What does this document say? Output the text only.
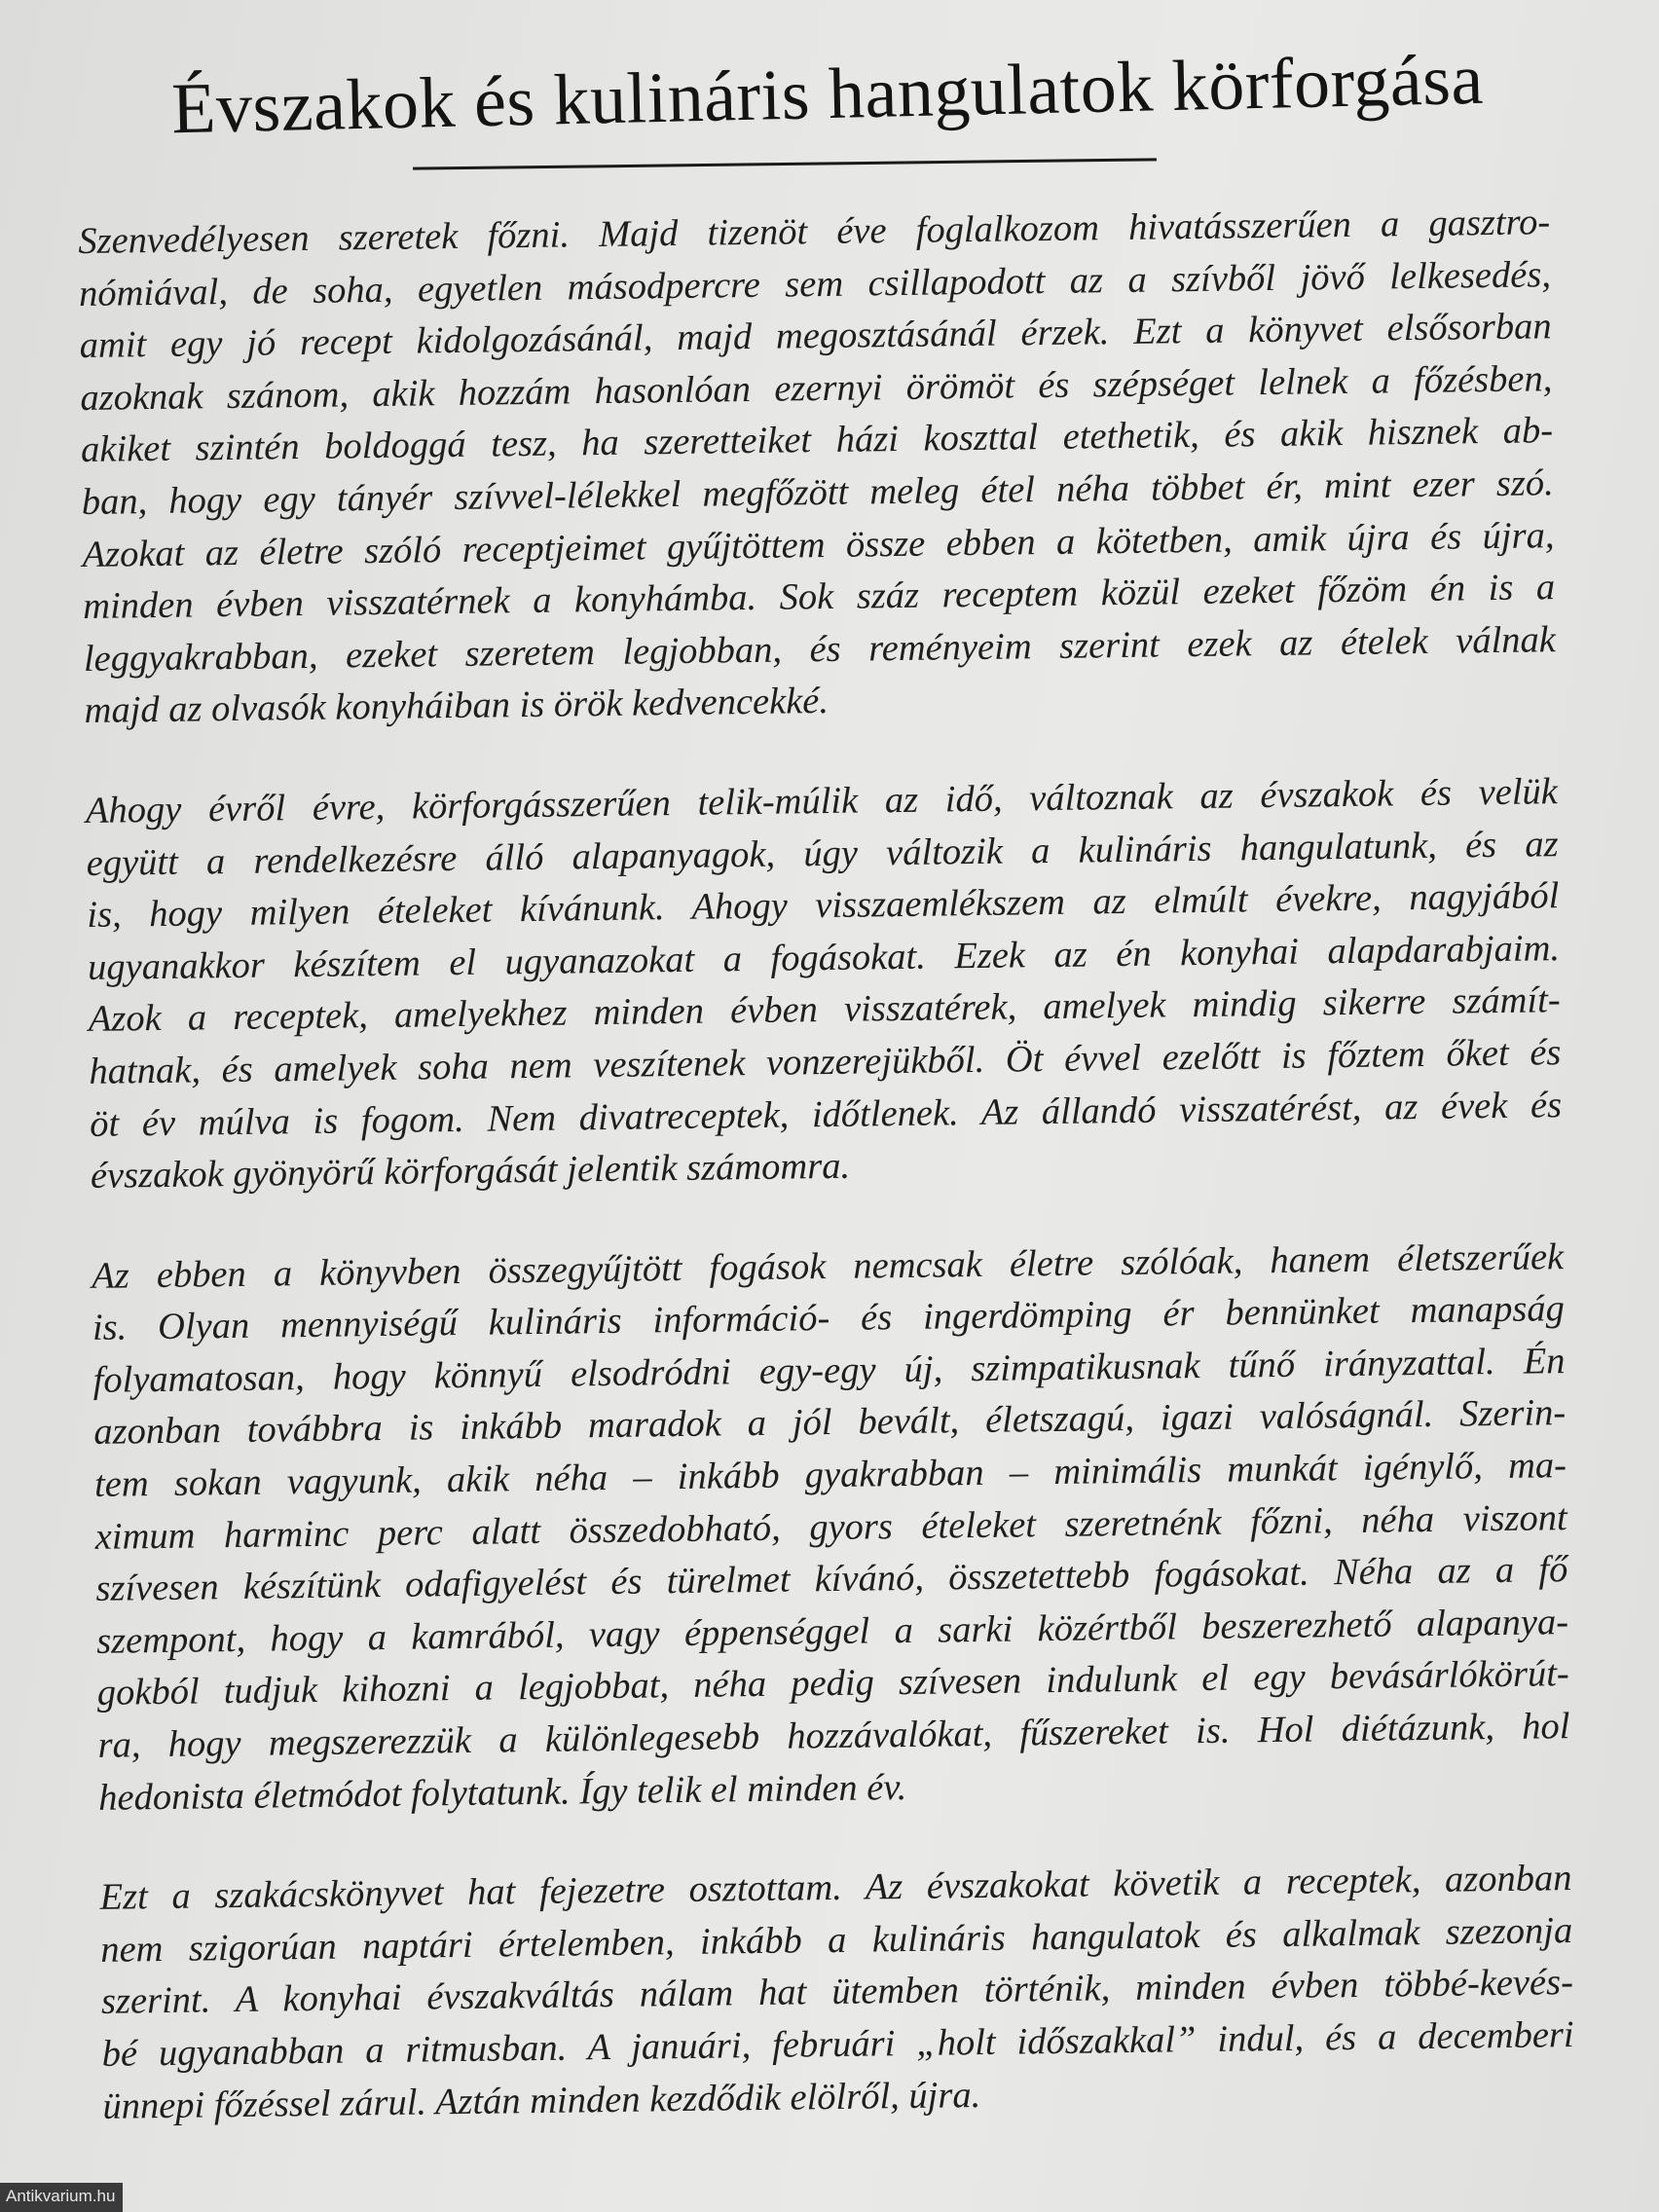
Évszakok és kulináris hangulatok körforgása

Szenvedélyesen szeretek főzni. Majd tizenöt éve foglalkozom hivatásszerűen a gasztro-
nómiával, de soha, egyetlen másodpercre sem csillapodott az a szívből jövő lelkesedés,
amit egy jó recept kidolgozásánál, majd megosztásánál érzek. Ezt a könyvet elsősorban
azoknak szánom, akik hozzám hasonlóan ezernyi örömöt és szépséget lelnek a főzésben,
akiket szintén boldoggá tesz, ha szeretteiket házi koszttal etethetik, és akik hisznek ab-
ban, hogy egy tányér szívvel-lélekkel megfőzött meleg étel néha többet ér, mint ezer szó.
Azokat az életre szóló receptjeimet gyűjtöttem össze ebben a kötetben, amik újra és újra,
minden évben visszatérnek a konyhámba. Sok száz receptem közül ezeket főzöm én is a
leggyakrabban, ezeket szeretem legjobban, és reményeim szerint ezek az ételek válnak
majd az olvasók konyháiban is örök kedvencekké.

Ahogy évről évre, körforgásszerűen telik-múlik az idő, változnak az évszakok és velük
együtt a rendelkezésre álló alapanyagok, úgy változik a kulináris hangulatunk, és az
is, hogy milyen ételeket kívánunk. Ahogy visszaemlékszem az elmúlt évekre, nagyjából
ugyanakkor készítem el ugyanazokat a fogásokat. Ezek az én konyhai alapdarabjaim.
Azok a receptek, amelyekhez minden évben visszatérek, amelyek mindig sikerre számít-
hatnak, és amelyek soha nem veszítenek vonzerejükből. Öt évvel ezelőtt is főztem őket és
öt év múlva is fogom. Nem divatreceptek, időtlenek. Az állandó visszatérést, az évek és
évszakok gyönyörű körforgását jelentik számomra.

Az ebben a könyvben összegyűjtött fogások nemcsak életre szólóak, hanem életszerűek
is. Olyan mennyiségű kulináris információ- és ingerdömping ér bennünket manapság
folyamatosan, hogy könnyű elsodródni egy-egy új, szimpatikusnak tűnő irányzattal. Én
azonban továbbra is inkább maradok a jól bevált, életszagú, igazi valóságnál. Szerin-
tem sokan vagyunk, akik néha – inkább gyakrabban – minimális munkát igénylő, ma-
ximum harminc perc alatt összedobható, gyors ételeket szeretnénk főzni, néha viszont
szívesen készítünk odafigyelést és türelmet kívánó, összetettebb fogásokat. Néha az a fő
szempont, hogy a kamrából, vagy éppenséggel a sarki közértből beszerezhető alapanya-
gokból tudjuk kihozni a legjobbat, néha pedig szívesen indulunk el egy bevásárlókörút-
ra, hogy megszerezzük a különlegesebb hozzávalókat, fűszereket is. Hol diétázunk, hol
hedonista életmódot folytatunk. Így telik el minden év.

Ezt a szakácskönyvet hat fejezetre osztottam. Az évszakokat követik a receptek, azonban
nem szigorúan naptári értelemben, inkább a kulináris hangulatok és alkalmak szezonja
szerint. A konyhai évszakváltás nálam hat ütemben történik, minden évben többé-kevés-
bé ugyanabban a ritmusban. A januári, februári „holt időszakkal” indul, és a decemberi
ünnepi főzéssel zárul. Aztán minden kezdődik elölről, újra.

Antikvarium.hu
